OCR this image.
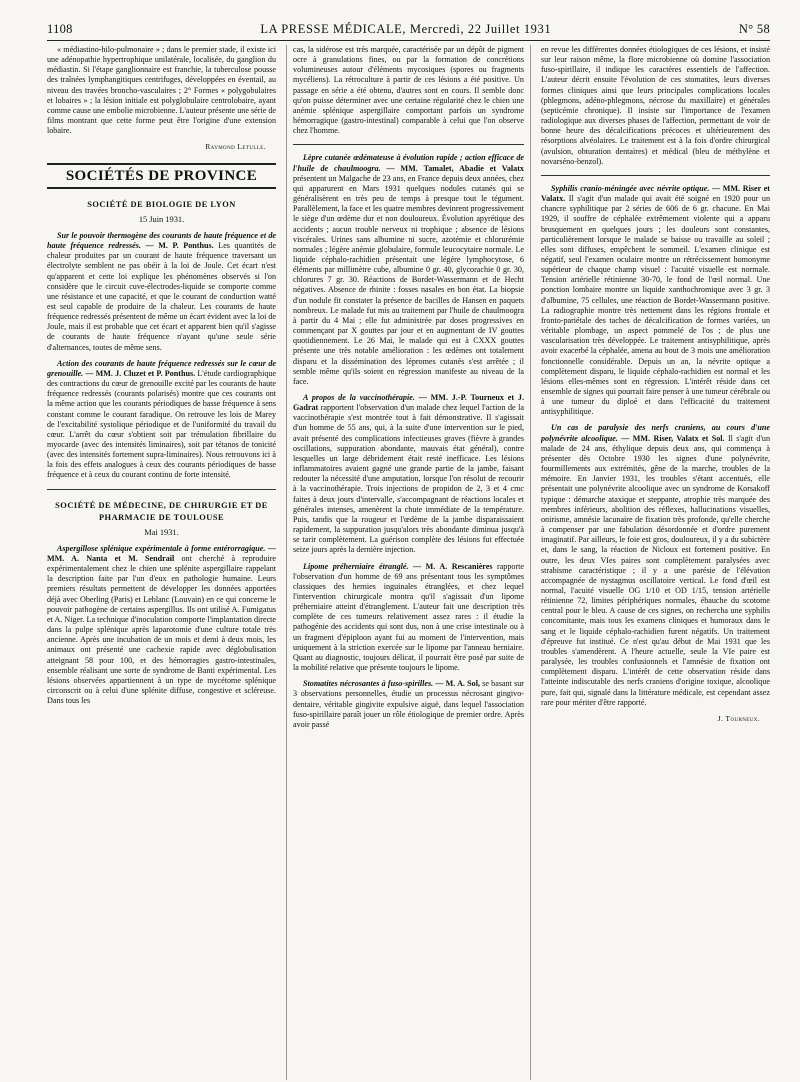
1108	LA PRESSE MÉDICALE, Mercredi, 22 Juillet 1931	N° 58

« médiastino-hilo-pulmonaire » ; dans le premier stade, il existe ici une adénopathie hypertrophique unilatérale, localisée, du ganglion du médiastin. Si l'étape ganglionnaire est franchie, la tuberculose pousse des traînées lymphangitiques centrifuges, développées en éventail, au niveau des travées broncho-vasculaires ; 2° Formes « polygobulaires et lobaires » ; la lésion initiale est polyglobulaire centrolobaire, ayant comme cause une embolie microbienne. L'auteur présente une série de films montrant que cette forme peut être l'origine d'une extension lobaire.

Raymond Letulle.
SOCIÉTÉS DE PROVINCE
SOCIÉTÉ DE BIOLOGIE DE LYON
15 Juin 1931.

Sur le pouvoir thermogène des courants de haute fréquence et de haute fréquence redressés. — M. P. Ponthus. Les quantités de chaleur produites par un courant de haute fréquence traversant un électrolyte semblent ne pas obéir à la loi de Joule. Cet écart n'est qu'apparent et cette loi explique les phénomènes observés si l'on considère que le circuit cuve-électrodes-liquide se comporte comme une résistance et une capacité, et que le courant de conduction watté est seul capable de produire de la chaleur. Les courants de haute fréquence redressés présentent de même un écart évident avec la loi de Joule, mais il est probable que cet écart et apparent bien qu'il s'agisse de courants de haute fréquence n'ayant qu'une seule série d'alternances, toutes de même sens.

Action des courants de haute fréquence redressés sur le cœur de grenouille. — MM. J. Cluzet et P. Ponthus. L'étude cardiographique des contractions du cœur de grenouille excité par les courants de haute fréquence redressés (courants polarisés) montre que ces courants ont la même action que les courants périodiques de basse fréquence à sens constant comme le courant faradique. On retrouve les lois de Marey de l'excitabilité systolique périodique et de l'uniformité du travail du cœur. L'arrêt du cœur s'obtient soit par trémulation fibrillaire du myocarde (avec des intensités liminaires), soit par tétanos de tonicité (avec des intensités fortement supra-liminaires). Nous retrouvons ici à la fois des effets analogues à ceux des courants périodiques de basse fréquence et à ceux du courant continu de forte intensité.

SOCIÉTÉ DE MÉDECINE, DE CHIRURGIE ET DE PHARMACIE DE TOULOUSE
Mai 1931.

Aspergillose splénique expérimentale à forme entérorragique. — MM. A. Nanta et M. Sendrail ont cherché à reproduire expérimentalement chez le chien une splénite aspergillaire rappelant la description faite par l'un d'eux en pathologie humaine. Leurs premiers résultats permettent de développer les données apportées déjà avec Oberling (Paris) et Leblanc (Louvain) en ce qui concerne le pouvoir pathogène de certains aspergillus. Ils ont utilisé A. Fumigatus et A. Niger. La technique d'inoculation comporte l'implantation directe dans la pulpe splénique après laparotomie d'une culture totale très ancienne. Après une incubation de un mois et demi à deux mois, les animaux ont présenté une cachexie rapide avec déglobulisation atteignant 58 pour 100, et des hémorragies gastro-intestinales, ensemble réalisant une sorte de syndrome de Banti expérimental. Les lésions observées appartiennent à un type de mycétome splénique circonscrit ou à celui d'une splénite diffuse, congestive et scléreuse. Dans tous les

cas, la sidérose est très marquée, caractérisée par un dépôt de pigment ocre à granulations fines, ou par la formation de concrétions volumineuses autour d'éléments mycosiques (spores ou fragments mycéliens). La rétroculture à partir de ces lésions a été positive. Un passage en série a été obtenu, d'autres sont en cours. Il semble donc qu'on puisse déterminer avec une certaine régularité chez le chien une anémie splénique aspergillaire comportant parfois un syndrome hémorragique (gastro-intestinal) comparable à celui que l'on observe chez l'homme.

Lèpre cutanée œdémateuse à évolution rapide ; action efficace de l'huile de chaulmoogra. — MM. Tamalet, Abadie et Valatx présentent un Malgache de 23 ans, en France depuis deux années, chez qui apparurent en Mars 1931 quelques nodules cutanés qui se généralisèrent en très peu de temps à presque tout le tégument. Parallèlement, la face et les quatre membres devinrent progressivement le siège d'un œdème dur et non douloureux. Évolution apyrétique des accidents ; aucun trouble nerveux ni trophique ; absence de lésions viscérales. Urines sans albumine ni sucre, azotémie et chlorurémie normales ; légère anémie globulaire, formule leucocytaire normale. Le liquide céphalo-rachidien présentait une légère lymphocytose, 6 éléments par millimètre cube, albumine 0 gr. 40, glycorachie 0 gr. 30, chlorures 7 gr. 30. Réactions de Bordet-Wassermann et de Hecht négatives. Absence de rhinite : fosses nasales en bon état. La biopsie d'un nodule fit constater la présence de bacilles de Hansen en paquets nombreux. Le malade fut mis au traitement par l'huile de chaulmoogra à partir du 4 Mai ; elle fut administrée par doses progressives en commençant par X gouttes par jour et en augmentant de IV gouttes quotidiennement. Le 26 Mai, le malade qui est à CXXX gouttes présente une très notable amélioration : les œdèmes ont totalement disparu et la dissémination des lépromes cutanés s'est arrêtée ; il semble même qu'ils soient en régression manifeste au niveau de la face.

A propos de la vaccinothérapie. — MM. J.-P. Tourneux et J. Gadrat rapportent l'observation d'un malade chez lequel l'action de la vaccinothérapie s'est montrée tout à fait démonstrative. Il s'agissait d'un homme de 55 ans, qui, à la suite d'une intervention sur le pied, avait présenté des complications infectieuses graves (fièvre à grandes oscillations, suppuration abondante, mauvais état général), contre lesquelles un large débridement était resté inefficace. Les lésions inflammatoires avaient gagné une grande partie de la jambe, faisant redouter la nécessité d'une amputation, lorsque l'on résolut de recourir à la vaccinothérapie. Trois injections de propidon de 2, 3 et 4 cmc faites à deux jours d'intervalle, s'accompagnant de réactions locales et générales intenses, amenèrent la chute immédiate de la température. Puis, tandis que la rougeur et l'œdème de la jambe disparaissaient rapidement, la suppuration jusqu'alors très abondante diminua jusqu'à se tarir complètement. La guérison complète des lésions fut effectuée seize jours après la dernière injection.

Lipome préherniaire étranglé. — M. A. Rescanières rapporte l'observation d'un homme de 69 ans présentant tous les symptômes classiques des hernies inguinales étranglées, et chez lequel l'intervention chirurgicale montra qu'il s'agissait d'un lipome préherniaire atteint d'étranglement. L'auteur fait une description très complète de ces tumeurs relativement assez rares : il étudie la pathogénie des accidents qui sont dus, non à une crise intestinale ou à un fragment d'épiploon ayant fui au moment de l'intervention, mais uniquement à la striction exercée sur le lipome par l'anneau herniaire. Quant au diagnostic, toujours délicat, il pourrait être posé par suite de la mobilité relative que présente toujours le lipome.

Stomatites nécrosantes à fuso-spirilles. — M. A. Sol, se basant sur 3 observations personnelles, étudie un processus nécrosant gingivo-dentaire, véritable gingivite expulsive aiguë, dans lequel l'association fuso-spirillaire paraît jouer un rôle étiologique de premier ordre. Après avoir passé

en revue les différentes données étiologiques de ces lésions, et insisté sur leur raison même, la flore microbienne où domine l'association fuso-spirillaire, il indique les caractères essentiels de l'affection. L'auteur décrit ensuite l'évolution de ces stomatites, leurs diverses formes cliniques ainsi que leurs principales complications locales (phlegmons, adéno-phlegmons, nécrose du maxillaire) et générales (septicémie chronique). Il insiste sur l'importance de l'examen radiologique aux diverses phases de l'affection, permettant de voir de bonne heure des décalcifications précoces et ultérieurement des résorptions alvéolaires. Le traitement est à la fois d'ordre chirurgical (avulsion, obturation dentaires) et médical (bleu de méthylène et novarséno-benzol).

Syphilis cranio-méningée avec névrite optique. — MM. Riser et Valatx. Il s'agit d'un malade qui avait été soigné en 1920 pour un chancre syphilitique par 2 séries de 606 de 6 gr. chacune. En Mai 1929, il souffre de céphalée extrêmement violente qui a apparu brusquement en quelques jours ; les douleurs sont constantes, particulièrement lorsque le malade se baisse ou travaille au soleil ; elles sont diffuses, empêchent le sommeil. L'examen clinique est négatif, seul l'examen oculaire montre un rétrécissement homonyme supérieur de chaque champ visuel : l'acuité visuelle est normale. Tension artérielle rétinienne 30-70, le fond de l'œil normal. Une ponction lombaire montre un liquide xanthochromique avec 3 gr. 3 d'albumine, 75 cellules, une réaction de Bordet-Wassermann positive. La radiographie montre très nettement dans les régions frontale et fronto-pariétale des taches de décalcification de formes variées, un véritable plombage, un aspect pommelé de l'os ; de plus une vascularisation très développée. Le traitement antisyphilitique, après avoir exacerbé la céphalée, amena au bout de 3 mois une amélioration fonctionnelle considérable. Depuis un an, la névrite optique a complètement disparu, le liquide céphalo-rachidien est normal et les lésions elles-mêmes sont en régression. L'intérêt réside dans cet ensemble de signes qui pourrait faire penser à une tumeur cérébrale ou à une tumeur du diploé et dans l'efficacité du traitement antisyphilitique.

Un cas de paralysie des nerfs craniens, au cours d'une polynévrite alcoolique. — MM. Riser, Valatx et Sol. Il s'agit d'un malade de 24 ans, éthylique depuis deux ans, qui commença à présenter dès Octobre 1930 les signes d'une polynévrite, fourmillements aux extrémités, gêne de la marche, troubles de la mémoire. En Janvier 1931, les troubles s'étant accentués, elle présentait une polynévrite alcoolique avec un syndrome de Korsakoff typique : démarche ataxique et steppante, atrophie très marquée des membres inférieurs, abolition des réflexes, hallucinations visuelles, onirisme, amnésie lacunaire de fixation très profonde, qu'elle cherche à compenser par une fabulation désordonnée et d'ordre purement imaginatif. Par ailleurs, le foie est gros, douloureux, il y a du subictère et, dans le sang, la réaction de Nicloux est fortement positive. En outre, les deux VIes paires sont complètement paralysées avec strabisme caractéristique ; il y a une parésie de l'élévation accompagnée de nystagmus oscillatoire vertical. Le fond d'œil est normal, l'acuité visuelle OG 1/10 et OD 1/15, tension artérielle rétinienne 72, limites périphériques normales, ébauche du scotome central pour le bleu. A cause de ces signes, on rechercha une syphilis concomitante, mais tous les examens cliniques et humoraux dans le sang et le liquide céphalo-rachidien furent négatifs. Un traitement d'épreuve fut institué. Ce n'est qu'au début de Mai 1931 que les troubles s'amendèrent. A l'heure actuelle, seule la VIe paire est paralysée, les troubles confusionnels et l'amnésie de fixation ont complètement disparu. L'intérêt de cette observation réside dans l'atteinte indiscutable des nerfs craniens d'origine toxique, alcoolique pure, fait qui, signalé dans la littérature médicale, est cependant assez rare pour mériter d'être rapporté.

J. Tourneux.
